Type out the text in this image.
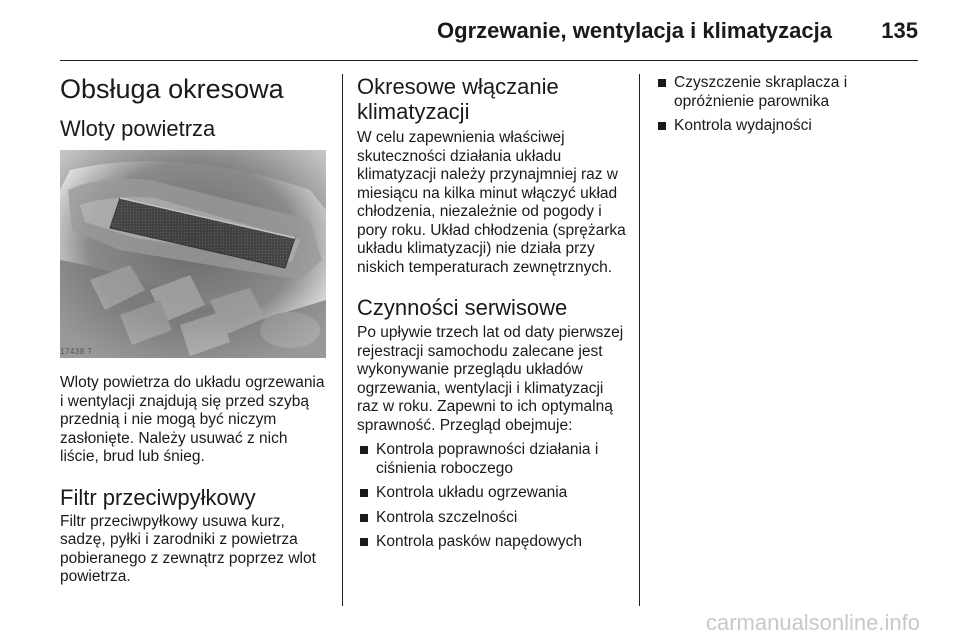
Ogrzewanie, wentylacja i klimatyzacja 135
Obsługa okresowa
Wloty powietrza
17438 T

Wloty powietrza do układu ogrzewania i wentylacji znajdują się przed szybą przednią i nie mogą być niczym zasłonięte. Należy usuwać z nich liście, brud lub śnieg.

Filtr przeciwpyłkowy

Filtr przeciwpyłkowy usuwa kurz, sadzę, pyłki i zarodniki z powietrza pobieranego z zewnątrz poprzez wlot powietrza.

Okresowe włączanie klimatyzacji

W celu zapewnienia właściwej skuteczności działania układu klimatyzacji należy przynajmniej raz w miesiącu na kilka minut włączyć układ chłodzenia, niezależnie od pogody i pory roku. Układ chłodzenia (sprężarka układu klimatyzacji) nie działa przy niskich temperaturach zewnętrznych.

Czynności serwisowe

Po upływie trzech lat od daty pierwszej rejestracji samochodu zalecane jest wykonywanie przeglądu układów ogrzewania, wentylacji i klimatyzacji raz w roku. Zapewni to ich optymalną sprawność. Przegląd obejmuje:

Kontrola poprawności działania i ciśnienia roboczego
Kontrola układu ogrzewania
Kontrola szczelności
Kontrola pasków napędowych
Czyszczenie skraplacza i opróżnienie parownika
Kontrola wydajności
carmanualsonline.info
